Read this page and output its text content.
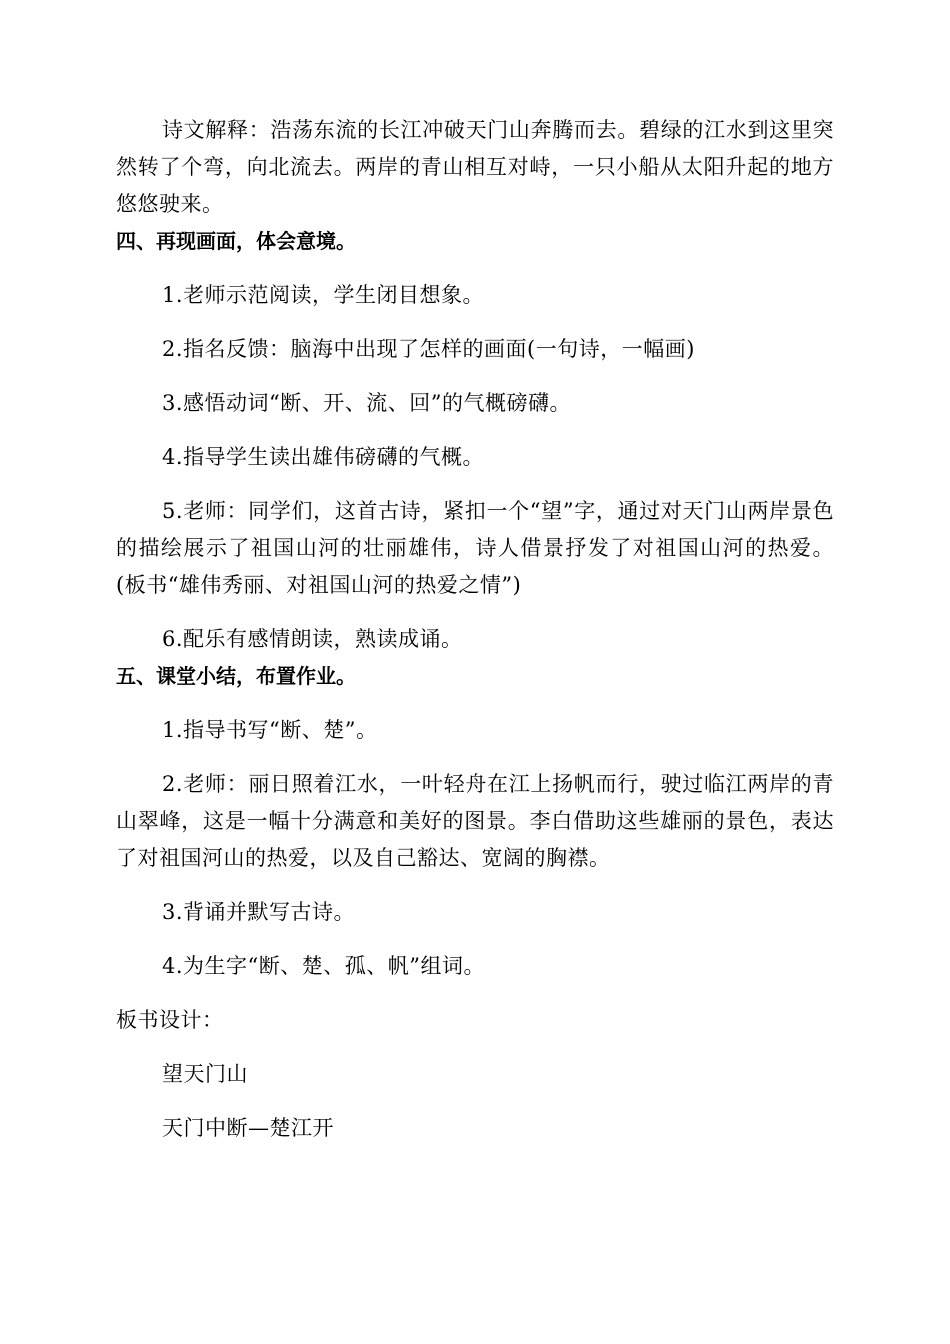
诗文解释：浩荡东流的长江冲破天门山奔腾而去。碧绿的江水到这里突然转了个弯，向北流去。两岸的青山相互对峙，一只小船从太阳升起的地方悠悠驶来。

四、再现画面，体会意境。

1.老师示范阅读，学生闭目想象。

2.指名反馈：脑海中出现了怎样的画面(一句诗，一幅画)

3.感悟动词“断、开、流、回”的气概磅礴。

4.指导学生读出雄伟磅礴的气概。

5.老师：同学们，这首古诗，紧扣一个“望”字，通过对天门山两岸景色的描绘展示了祖国山河的壮丽雄伟，诗人借景抒发了对祖国山河的热爱。(板书“雄伟秀丽、对祖国山河的热爱之情”)

6.配乐有感情朗读，熟读成诵。

五、课堂小结，布置作业。

1.指导书写“断、楚”。

2.老师：丽日照着江水，一叶轻舟在江上扬帆而行，驶过临江两岸的青山翠峰，这是一幅十分满意和美好的图景。李白借助这些雄丽的景色，表达了对祖国河山的热爱，以及自己豁达、宽阔的胸襟。

3.背诵并默写古诗。

4.为生字“断、楚、孤、帆”组词。

板书设计：

望天门山

天门中断—楚江开
